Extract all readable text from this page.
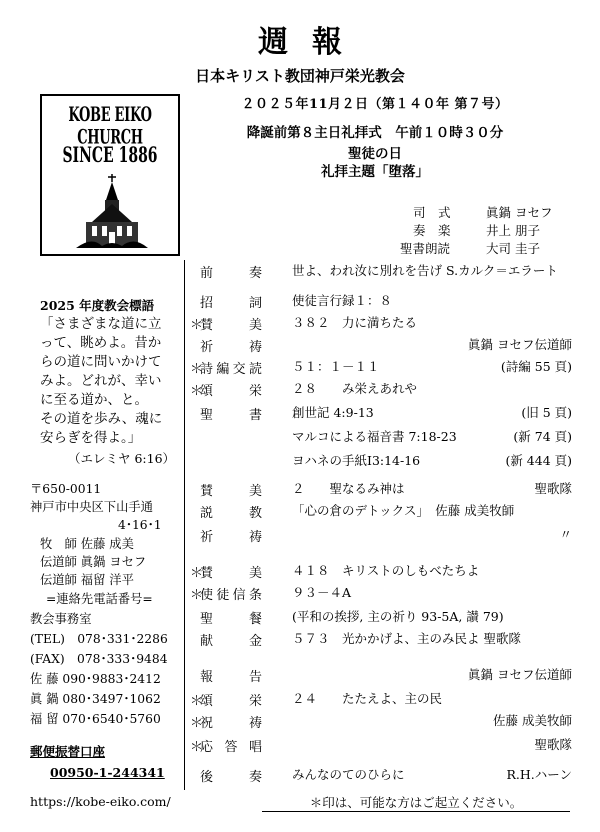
週報
日本キリスト教団神戸栄光教会
２０２５年11月２日（第１４０年 第７号）
降誕前第８主日礼拝式　午前１０時３０分
聖徒の日
礼拝主題「堕落」
KOBE EIKO CHURCH
SINCE 1886
司　式	眞鍋 ヨセフ
奏　楽	井上 朋子
聖書朗読	大司 圭子
2025 年度教会標語
「さまざまな道に立
って、眺めよ。昔か
らの道に問いかけて
みよ。どれが、幸い
に至る道か、と。
その道を歩み、魂に
安らぎを得よ。」
（エレミヤ 6:16）
〒650-0011
神戸市中央区下山手通
4･16･1
牧　師 佐藤 成美
伝道師 眞鍋 ヨセフ
伝道師 福留 洋平
=連絡先電話番号=
教会事務室
(TEL)　078･331･2286
(FAX)　078･333･9484
佐 藤 090･9883･2412
眞 鍋 080･3497･1062
福 留 070･6540･5760
郵便振替口座
00950-1-244341
https://kobe-eiko.com/
前　奏 世よ、われ汝に別れを告げ S.カルク＝エラート
招　詞 使徒言行録１：８
＊
賛　美 ３８２　力に満ちたる
祈　祷	眞鍋 ヨセフ伝道師
＊
詩編交読 ５１：１－１１	(詩編 55 頁)
＊
頌　栄 ２８　　み栄えあれや
聖　書 創世記 4:9-13	(旧 5 頁)
マルコによる福音書 7:18-23	(新 74 頁)
ヨハネの手紙Ⅰ3:14-16	(新 444 頁)
賛　美 ２　　聖なるみ神は	聖歌隊
説　教 「心の倉のデトックス」　佐藤 成美牧師
祈　祷	〃
＊
賛　美 ４１８　キリストのしもべたちよ
＊
使徒信条 ９３－４A
聖　餐 (平和の挨拶, 主の祈り 93-5A, 讃 79)
献　金 ５７３　光かかげよ、主のみ民よ 聖歌隊
報　告	眞鍋 ヨセフ伝道師
＊
頌　栄 ２４　　たたえよ、主の民
＊
祝　祷	佐藤 成美牧師
＊
応答唱	聖歌隊
後　奏 みんなのてのひらに	R.H.ハーン
＊印は、可能な方はご起立ください。
